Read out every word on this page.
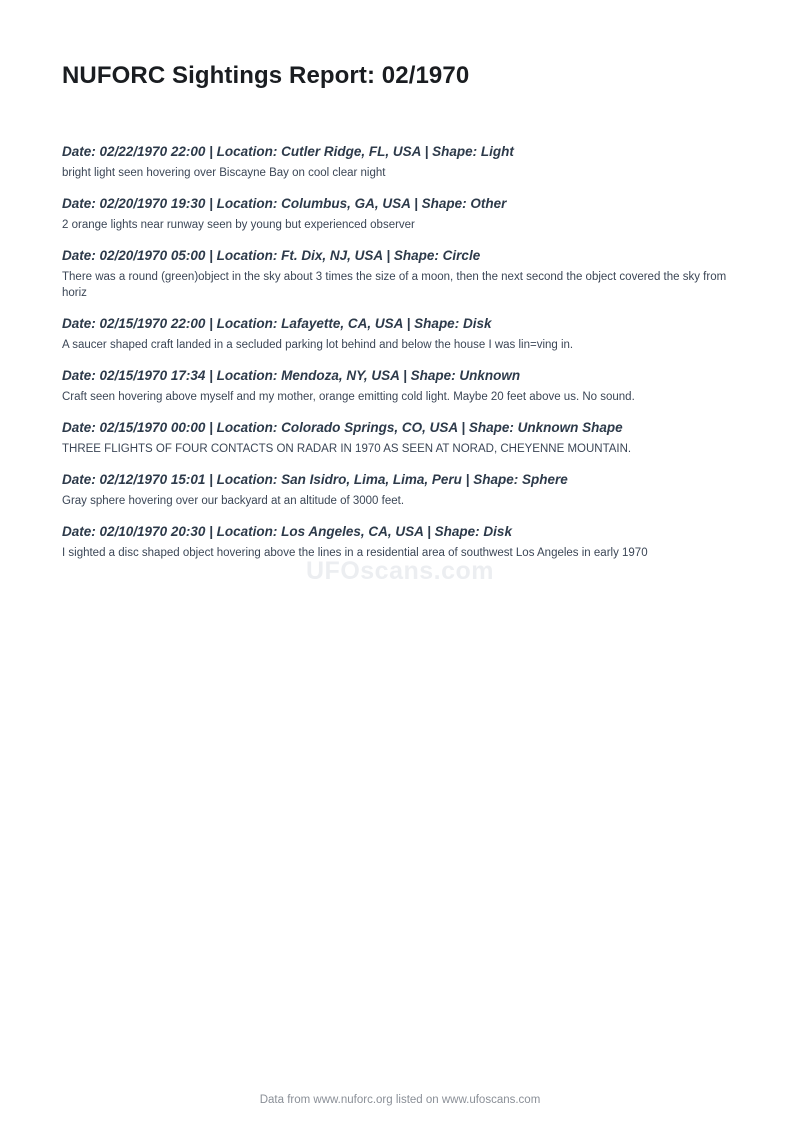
NUFORC Sightings Report: 02/1970

Date: 02/22/1970 22:00 | Location: Cutler Ridge, FL, USA | Shape: Light

bright light seen hovering over Biscayne Bay on cool clear night

Date: 02/20/1970 19:30 | Location: Columbus, GA, USA | Shape: Other

2 orange lights near runway seen by young but experienced observer

Date: 02/20/1970 05:00 | Location: Ft. Dix, NJ, USA | Shape: Circle

There was a round (green)object in the sky about 3 times the size of a moon, then the next second the object covered the sky from horiz

Date: 02/15/1970 22:00 | Location: Lafayette, CA, USA | Shape: Disk

A saucer shaped craft landed in a secluded parking lot behind and below the house I was lin=ving in.

Date: 02/15/1970 17:34 | Location: Mendoza, NY, USA | Shape: Unknown

Craft seen hovering above myself and my mother, orange emitting cold light. Maybe 20 feet above us. No sound.

Date: 02/15/1970 00:00 | Location: Colorado Springs, CO, USA | Shape: Unknown Shape

THREE FLIGHTS OF FOUR CONTACTS ON RADAR IN 1970 AS SEEN AT NORAD, CHEYENNE MOUNTAIN.

Date: 02/12/1970 15:01 | Location: San Isidro, Lima, Lima, Peru | Shape: Sphere

Gray sphere hovering over our backyard at an altitude of 3000 feet.

Date: 02/10/1970 20:30 | Location: Los Angeles, CA, USA | Shape: Disk

I sighted a disc shaped object hovering above the lines in a residential area of southwest Los Angeles in early 1970
UFOscans.com
Data from www.nuforc.org listed on www.ufoscans.com
